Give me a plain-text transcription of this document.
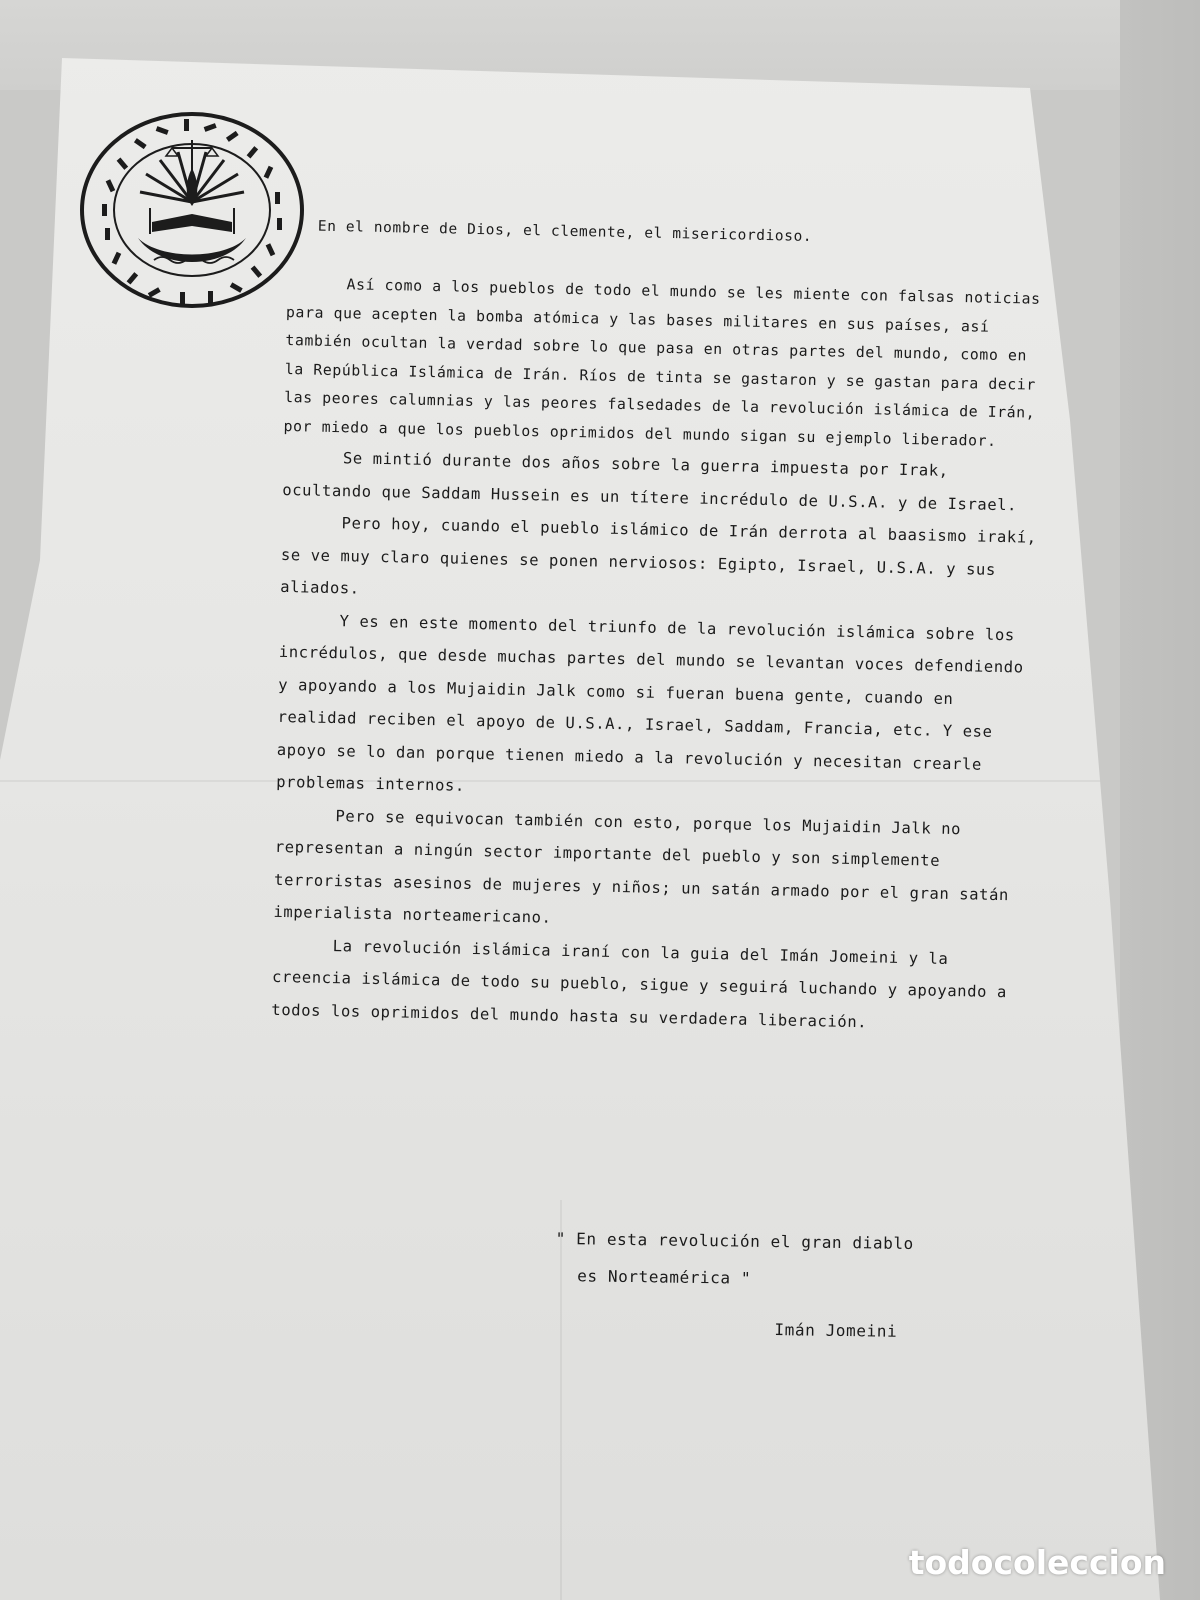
En el nombre de Dios, el clemente, el misericordioso.

Así como a los pueblos de todo el mundo se les miente con falsas noticias para que acepten la bomba atómica y las bases militares en sus países, así también ocultan la verdad sobre lo que pasa en otras partes del mundo, como en la República Islámica de Irán. Ríos de tinta se gastaron y se gastan para decir las peores calumnias y las peores falsedades de la revolución islámica de Irán, por miedo a que los pueblos oprimidos del mundo sigan su ejemplo liberador.

Se mintió durante dos años sobre la guerra impuesta por Irak, ocultando que Saddam Hussein es un títere incrédulo de U.S.A. y de Israel.

Pero hoy, cuando el pueblo islámico de Irán derrota al baasismo irakí, se ve muy claro quienes se ponen nerviosos: Egipto, Israel, U.S.A. y sus aliados.

Y es en este momento del triunfo de la revolución islámica sobre los incrédulos, que desde muchas partes del mundo se levantan voces defendiendo y apoyando a los Mujaidin Jalk como si fueran buena gente, cuando en realidad reciben el apoyo de U.S.A., Israel, Saddam, Francia, etc. Y ese apoyo se lo dan porque tienen miedo a la revolución y necesitan crearle problemas internos.

Pero se equivocan también con esto, porque los Mujaidin Jalk no representan a ningún sector importante del pueblo y son simplemente terroristas asesinos de mujeres y niños; un satán armado por el gran satán imperialista norteamericano.

La revolución islámica iraní con la guia del Imán Jomeini y la creencia islámica de todo su pueblo, sigue y seguirá luchando y apoyando a todos los oprimidos del mundo hasta su verdadera liberación.

" En esta revolución el gran diablo
es Norteamérica "
Imán Jomeini
todocoleccion
